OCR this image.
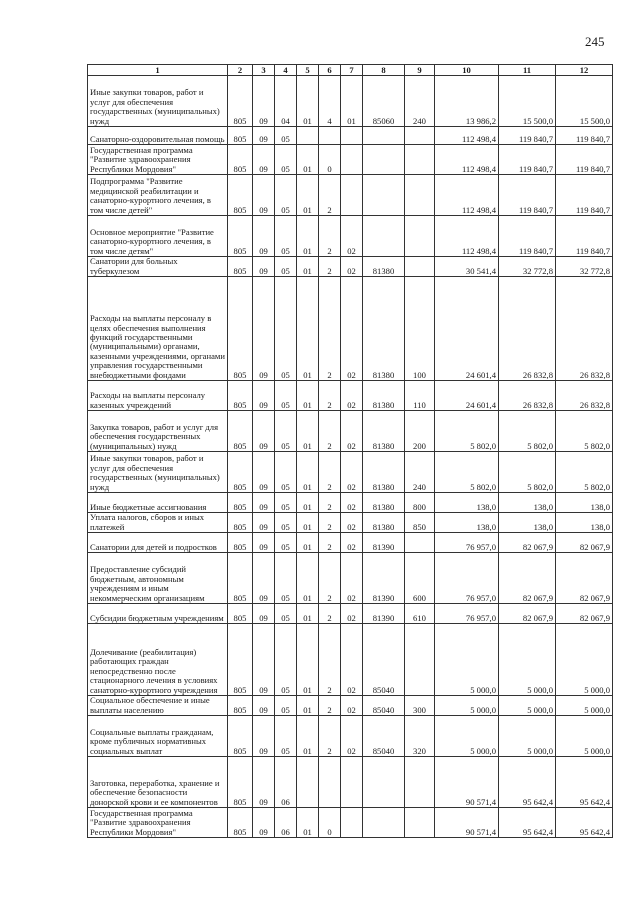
245
1	2	3	4	5	6	7	8	9	10	11	12
Иные закупки товаров, работ и услуг для обеспечения государственных (муниципальных) нужд	805	09	04	01	4	01	85060	240	13 986,2	15 500,0	15 500,0
Санаторно-оздоровительная помощь	805	09	05						112 498,4	119 840,7	119 840,7
Государственная программа "Развитие здравоохранения Республики Мордовия"	805	09	05	01	0				112 498,4	119 840,7	119 840,7
Подпрограмма "Развитие медицинской реабилитации и санаторно-курортного лечения, в том числе детей"	805	09	05	01	2				112 498,4	119 840,7	119 840,7
Основное мероприятие "Развитие санаторно-курортного лечения, в том числе детям"	805	09	05	01	2	02			112 498,4	119 840,7	119 840,7
Санатории для больных туберкулезом	805	09	05	01	2	02	81380		30 541,4	32 772,8	32 772,8
Расходы на выплаты персоналу в целях обеспечения выполнения функций государственными (муниципальными) органами, казенными учреждениями, органами управления государственными внебюджетными фондами	805	09	05	01	2	02	81380	100	24 601,4	26 832,8	26 832,8
Расходы на выплаты персоналу казенных учреждений	805	09	05	01	2	02	81380	110	24 601,4	26 832,8	26 832,8
Закупка товаров, работ и услуг для обеспечения государственных (муниципальных) нужд	805	09	05	01	2	02	81380	200	5 802,0	5 802,0	5 802,0
Иные закупки товаров, работ и услуг для обеспечения государственных (муниципальных) нужд	805	09	05	01	2	02	81380	240	5 802,0	5 802,0	5 802,0
Иные бюджетные ассигнования	805	09	05	01	2	02	81380	800	138,0	138,0	138,0
Уплата налогов, сборов и иных платежей	805	09	05	01	2	02	81380	850	138,0	138,0	138,0
Санатории для детей и подростков	805	09	05	01	2	02	81390		76 957,0	82 067,9	82 067,9
Предоставление субсидий бюджетным, автономным учреждениям и иным некоммерческим организациям	805	09	05	01	2	02	81390	600	76 957,0	82 067,9	82 067,9
Субсидии бюджетным учреждениям	805	09	05	01	2	02	81390	610	76 957,0	82 067,9	82 067,9
Долечивание (реабилитация) работающих граждан непосредственно после стационарного лечения в условиях санаторно-курортного учреждения	805	09	05	01	2	02	85040		5 000,0	5 000,0	5 000,0
Социальное обеспечение и иные выплаты населению	805	09	05	01	2	02	85040	300	5 000,0	5 000,0	5 000,0
Социальные выплаты гражданам, кроме публичных нормативных социальных выплат	805	09	05	01	2	02	85040	320	5 000,0	5 000,0	5 000,0
Заготовка, переработка, хранение и обеспечение безопасности донорской крови и ее компонентов	805	09	06						90 571,4	95 642,4	95 642,4
Государственная программа "Развитие здравоохранения Республики Мордовия"	805	09	06	01	0				90 571,4	95 642,4	95 642,4
